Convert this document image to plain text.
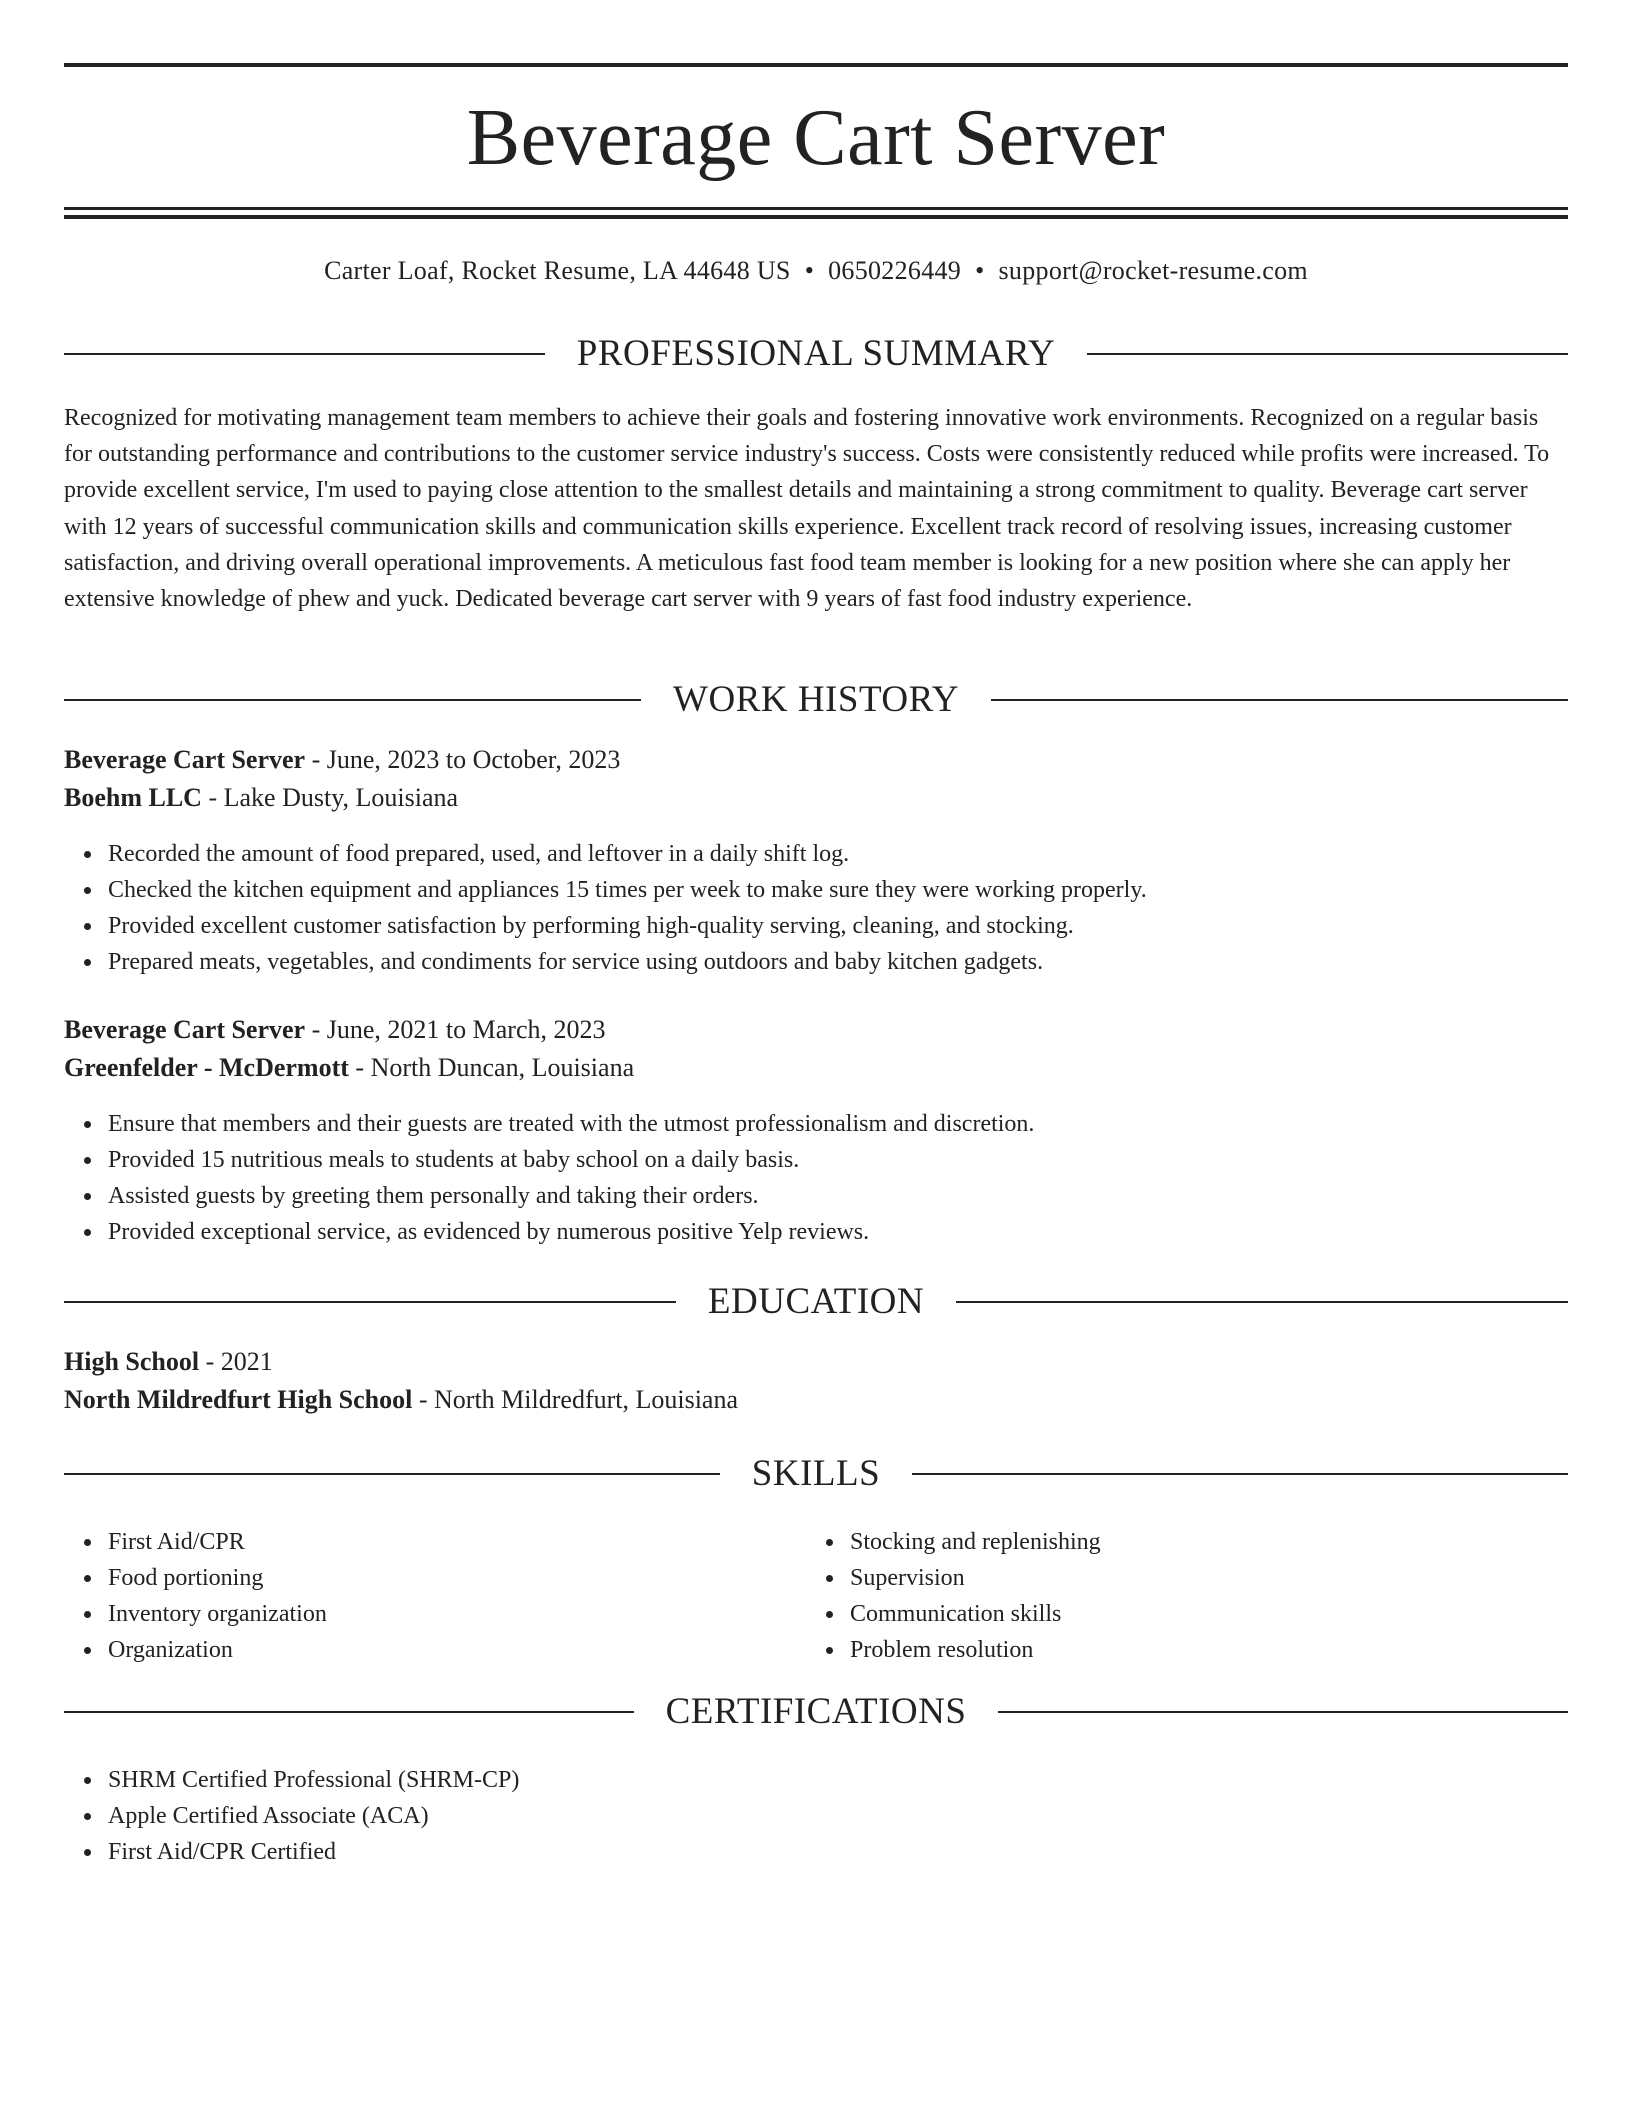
Beverage Cart Server
Carter Loaf, Rocket Resume, LA 44648 US • 0650226449 • support@rocket-resume.com
PROFESSIONAL SUMMARY

Recognized for motivating management team members to achieve their goals and fostering innovative work environments. Recognized on a regular basis for outstanding performance and contributions to the customer service industry's success. Costs were consistently reduced while profits were increased. To provide excellent service, I'm used to paying close attention to the smallest details and maintaining a strong commitment to quality. Beverage cart server with 12 years of successful communication skills and communication skills experience. Excellent track record of resolving issues, increasing customer satisfaction, and driving overall operational improvements. A meticulous fast food team member is looking for a new position where she can apply her extensive knowledge of phew and yuck. Dedicated beverage cart server with 9 years of fast food industry experience.

WORK HISTORY
Beverage Cart Server - June, 2023 to October, 2023
Boehm LLC - Lake Dusty, Louisiana
Recorded the amount of food prepared, used, and leftover in a daily shift log.
Checked the kitchen equipment and appliances 15 times per week to make sure they were working properly.
Provided excellent customer satisfaction by performing high-quality serving, cleaning, and stocking.
Prepared meats, vegetables, and condiments for service using outdoors and baby kitchen gadgets.
Beverage Cart Server - June, 2021 to March, 2023
Greenfelder - McDermott - North Duncan, Louisiana
Ensure that members and their guests are treated with the utmost professionalism and discretion.
Provided 15 nutritious meals to students at baby school on a daily basis.
Assisted guests by greeting them personally and taking their orders.
Provided exceptional service, as evidenced by numerous positive Yelp reviews.
EDUCATION
High School - 2021
North Mildredfurt High School - North Mildredfurt, Louisiana
SKILLS
First Aid/CPR
Food portioning
Inventory organization
Organization
Stocking and replenishing
Supervision
Communication skills
Problem resolution
CERTIFICATIONS
SHRM Certified Professional (SHRM-CP)
Apple Certified Associate (ACA)
First Aid/CPR Certified
